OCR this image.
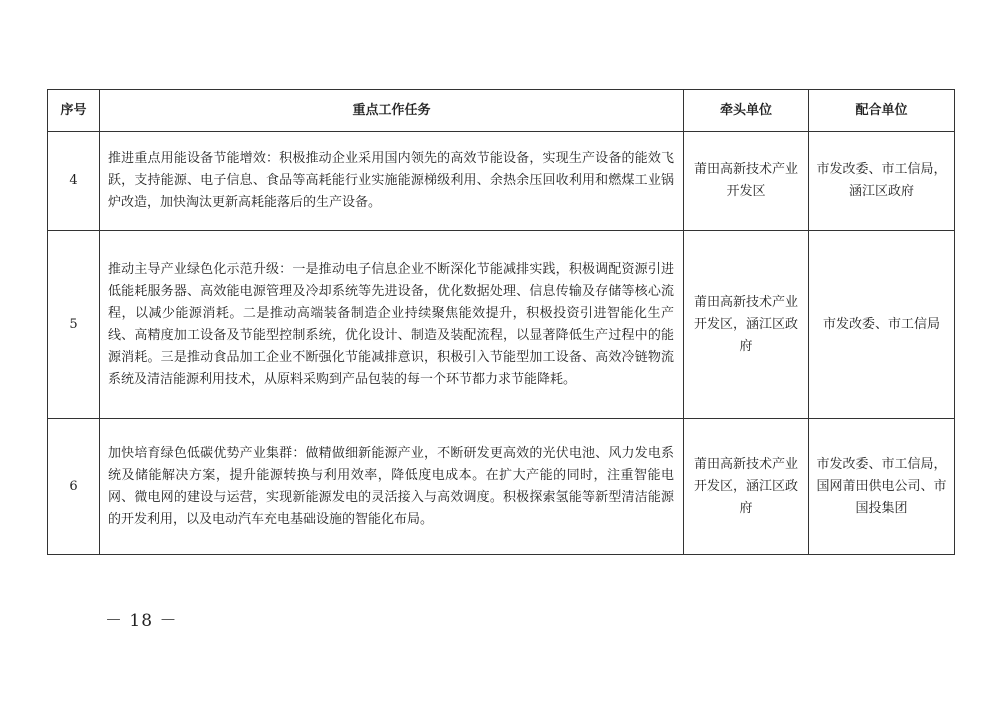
序号	重点工作任务	牵头单位	配合单位
4	推进重点用能设备节能增效：积极推动企业采用国内领先的高效节能设备，实现生产设备的能效飞跃，支持能源、电子信息、食品等高耗能行业实施能源梯级利用、余热余压回收利用和燃煤工业锅炉改造，加快淘汰更新高耗能落后的生产设备。	莆田高新技术产业开发区	市发改委、市工信局，涵江区政府
5	推动主导产业绿色化示范升级：一是推动电子信息企业不断深化节能减排实践，积极调配资源引进低能耗服务器、高效能电源管理及冷却系统等先进设备，优化数据处理、信息传输及存储等核心流程，以减少能源消耗。二是推动高端装备制造企业持续聚焦能效提升，积极投资引进智能化生产线、高精度加工设备及节能型控制系统，优化设计、制造及装配流程，以显著降低生产过程中的能源消耗。三是推动食品加工企业不断强化节能减排意识，积极引入节能型加工设备、高效冷链物流系统及清洁能源利用技术，从原料采购到产品包装的每一个环节都力求节能降耗。	莆田高新技术产业开发区，涵江区政府	市发改委、市工信局
6	加快培育绿色低碳优势产业集群：做精做细新能源产业，不断研发更高效的光伏电池、风力发电系统及储能解决方案，提升能源转换与利用效率，降低度电成本。在扩大产能的同时，注重智能电网、微电网的建设与运营，实现新能源发电的灵活接入与高效调度。积极探索氢能等新型清洁能源的开发利用，以及电动汽车充电基础设施的智能化布局。	莆田高新技术产业开发区，涵江区政府	市发改委、市工信局，国网莆田供电公司、市国投集团
－ 18 －
